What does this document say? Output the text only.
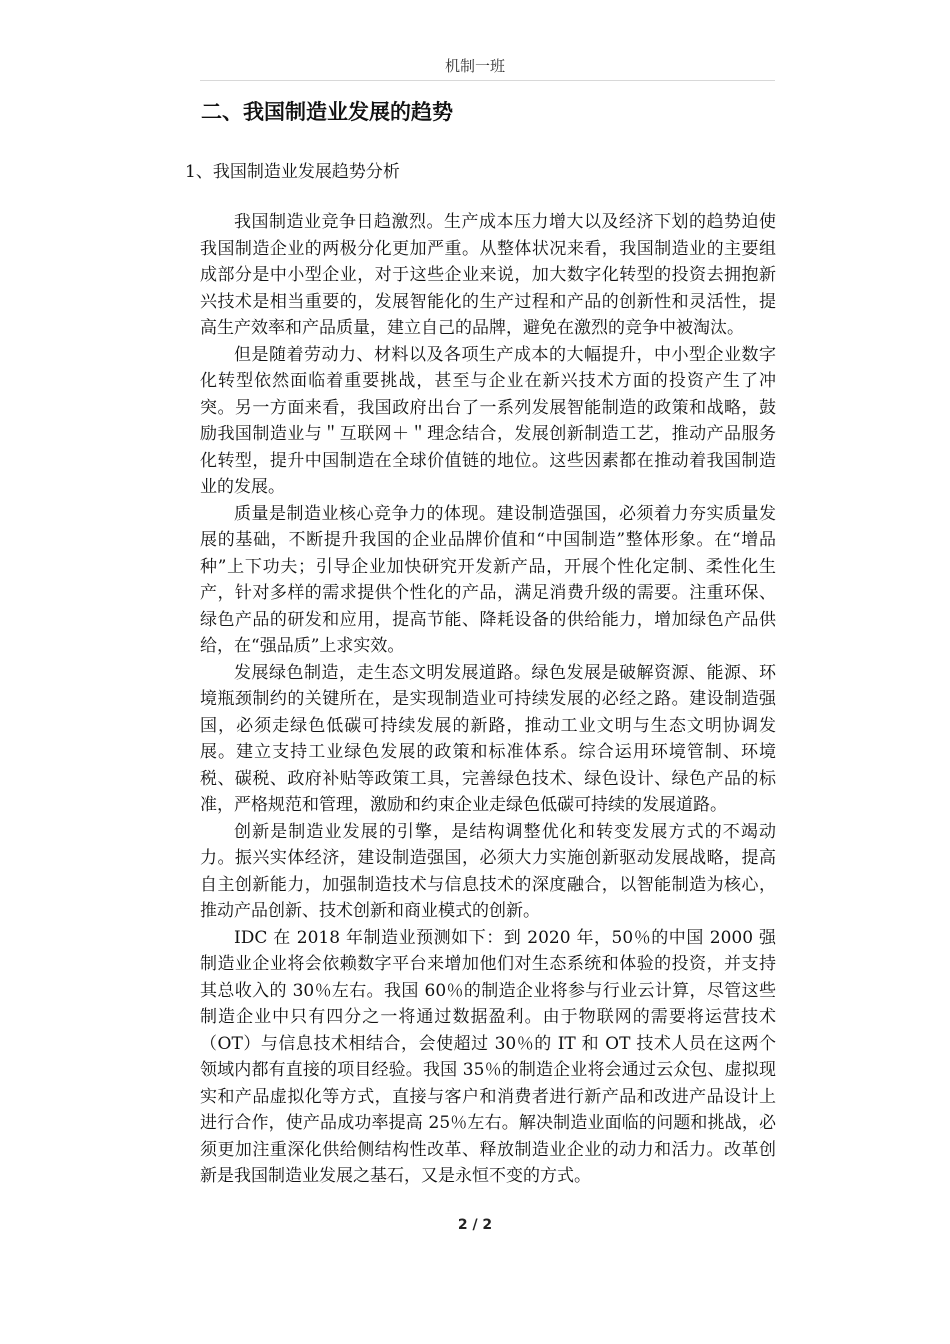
机制一班
二、我国制造业发展的趋势
1、我国制造业发展趋势分析

我国制造业竞争日趋激烈。生产成本压力增大以及经济下划的趋势迫使我国制造企业的两极分化更加严重。从整体状况来看，我国制造业的主要组成部分是中小型企业，对于这些企业来说，加大数字化转型的投资去拥抱新兴技术是相当重要的，发展智能化的生产过程和产品的创新性和灵活性，提高生产效率和产品质量，建立自己的品牌，避免在激烈的竞争中被淘汰。

但是随着劳动力、材料以及各项生产成本的大幅提升，中小型企业数字化转型依然面临着重要挑战，甚至与企业在新兴技术方面的投资产生了冲突。另一方面来看，我国政府出台了一系列发展智能制造的政策和战略，鼓励我国制造业与＂互联网＋＂理念结合，发展创新制造工艺，推动产品服务化转型，提升中国制造在全球价值链的地位。这些因素都在推动着我国制造业的发展。

质量是制造业核心竞争力的体现。建设制造强国，必须着力夯实质量发展的基础，不断提升我国的企业品牌价值和“中国制造”整体形象。在“增品种”上下功夫；引导企业加快研究开发新产品，开展个性化定制、柔性化生产，针对多样的需求提供个性化的产品，满足消费升级的需要。注重环保、绿色产品的研发和应用，提高节能、降耗设备的供给能力，增加绿色产品供给，在“强品质”上求实效。

发展绿色制造，走生态文明发展道路。绿色发展是破解资源、能源、环境瓶颈制约的关键所在，是实现制造业可持续发展的必经之路。建设制造强国，必须走绿色低碳可持续发展的新路，推动工业文明与生态文明协调发展。建立支持工业绿色发展的政策和标准体系。综合运用环境管制、环境税、碳税、政府补贴等政策工具，完善绿色技术、绿色设计、绿色产品的标准，严格规范和管理，激励和约束企业走绿色低碳可持续的发展道路。

创新是制造业发展的引擎，是结构调整优化和转变发展方式的不竭动力。振兴实体经济，建设制造强国，必须大力实施创新驱动发展战略，提高自主创新能力，加强制造技术与信息技术的深度融合，以智能制造为核心，推动产品创新、技术创新和商业模式的创新。

IDC 在 2018 年制造业预测如下：到 2020 年，50％的中国 2000 强制造业企业将会依赖数字平台来增加他们对生态系统和体验的投资，并支持其总收入的 30％左右。我国 60％的制造企业将参与行业云计算，尽管这些制造企业中只有四分之一将通过数据盈利。由于物联网的需要将运营技术（OT）与信息技术相结合，会使超过 30％的 IT 和 OT 技术人员在这两个领域内都有直接的项目经验。我国 35％的制造企业将会通过云众包、虚拟现实和产品虚拟化等方式，直接与客户和消费者进行新产品和改进产品设计上进行合作，使产品成功率提高 25％左右。解决制造业面临的问题和挑战，必须更加注重深化供给侧结构性改革、释放制造业企业的动力和活力。改革创新是我国制造业发展之基石，又是永恒不变的方式。

2 / 2
